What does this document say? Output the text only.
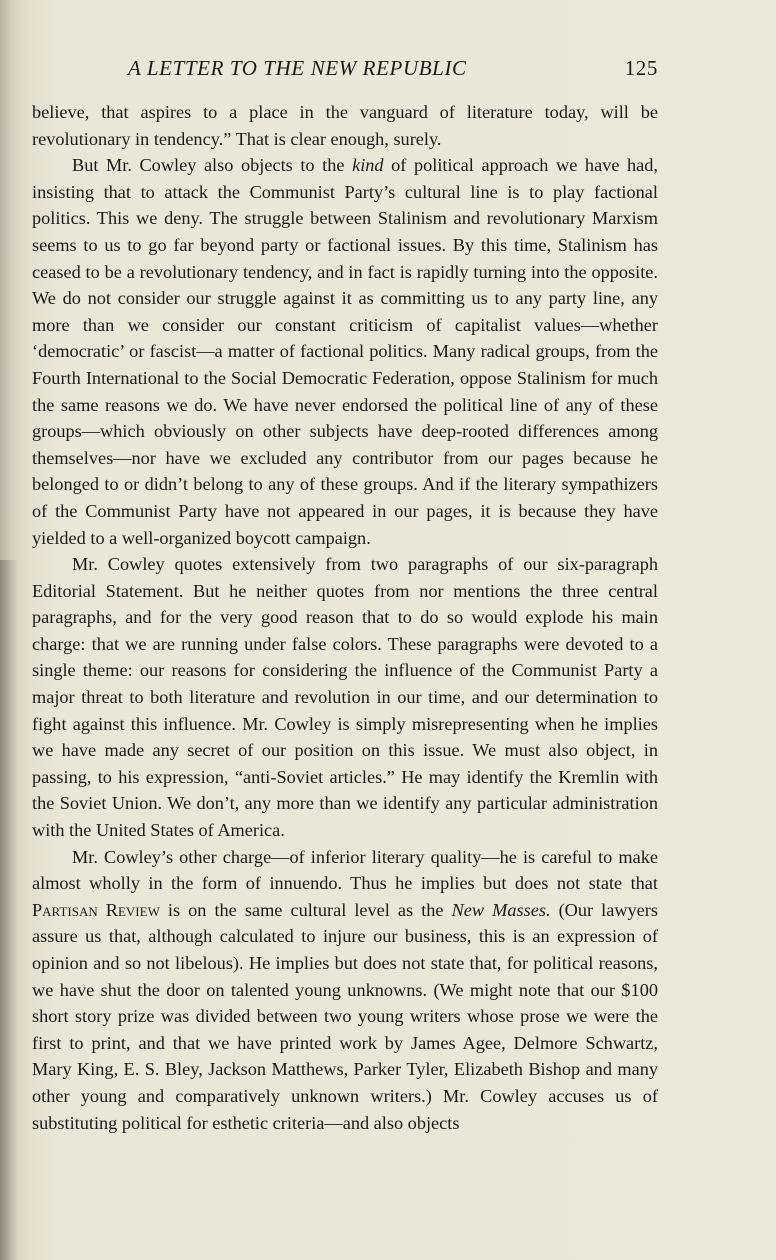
A LETTER TO THE NEW REPUBLIC	125

believe, that aspires to a place in the vanguard of literature today, will be revolutionary in tendency.” That is clear enough, surely.

But Mr. Cowley also objects to the kind of political approach we have had, insisting that to attack the Communist Party’s cultural line is to play factional politics. This we deny. The struggle between Stalinism and revolutionary Marxism seems to us to go far beyond party or factional issues. By this time, Stalinism has ceased to be a revolutionary tendency, and in fact is rapidly turning into the opposite. We do not consider our struggle against it as committing us to any party line, any more than we consider our constant criticism of capitalist values—whether ‘democratic’ or fascist—a matter of factional politics. Many radical groups, from the Fourth International to the Social Democratic Federation, oppose Stalinism for much the same reasons we do. We have never endorsed the political line of any of these groups—which obviously on other subjects have deep-rooted differences among themselves—nor have we excluded any contributor from our pages because he belonged to or didn’t belong to any of these groups. And if the literary sympathizers of the Communist Party have not appeared in our pages, it is because they have yielded to a well-organized boycott campaign.

Mr. Cowley quotes extensively from two paragraphs of our six-paragraph Editorial Statement. But he neither quotes from nor mentions the three central paragraphs, and for the very good reason that to do so would explode his main charge: that we are running under false colors. These paragraphs were devoted to a single theme: our reasons for considering the influence of the Communist Party a major threat to both literature and revolution in our time, and our determination to fight against this influence. Mr. Cowley is simply misrepresenting when he implies we have made any secret of our position on this issue. We must also object, in passing, to his expression, “anti-Soviet articles.” He may identify the Kremlin with the Soviet Union. We don’t, any more than we identify any particular administration with the United States of America.

Mr. Cowley’s other charge—of inferior literary quality—he is careful to make almost wholly in the form of innuendo. Thus he implies but does not state that Partisan Review is on the same cultural level as the New Masses. (Our lawyers assure us that, although calculated to injure our business, this is an expression of opinion and so not libelous). He implies but does not state that, for political reasons, we have shut the door on talented young unknowns. (We might note that our $100 short story prize was divided between two young writers whose prose we were the first to print, and that we have printed work by James Agee, Delmore Schwartz, Mary King, E. S. Bley, Jackson Matthews, Parker Tyler, Elizabeth Bishop and many other young and comparatively unknown writers.) Mr. Cowley accuses us of substituting political for esthetic criteria—and also objects
